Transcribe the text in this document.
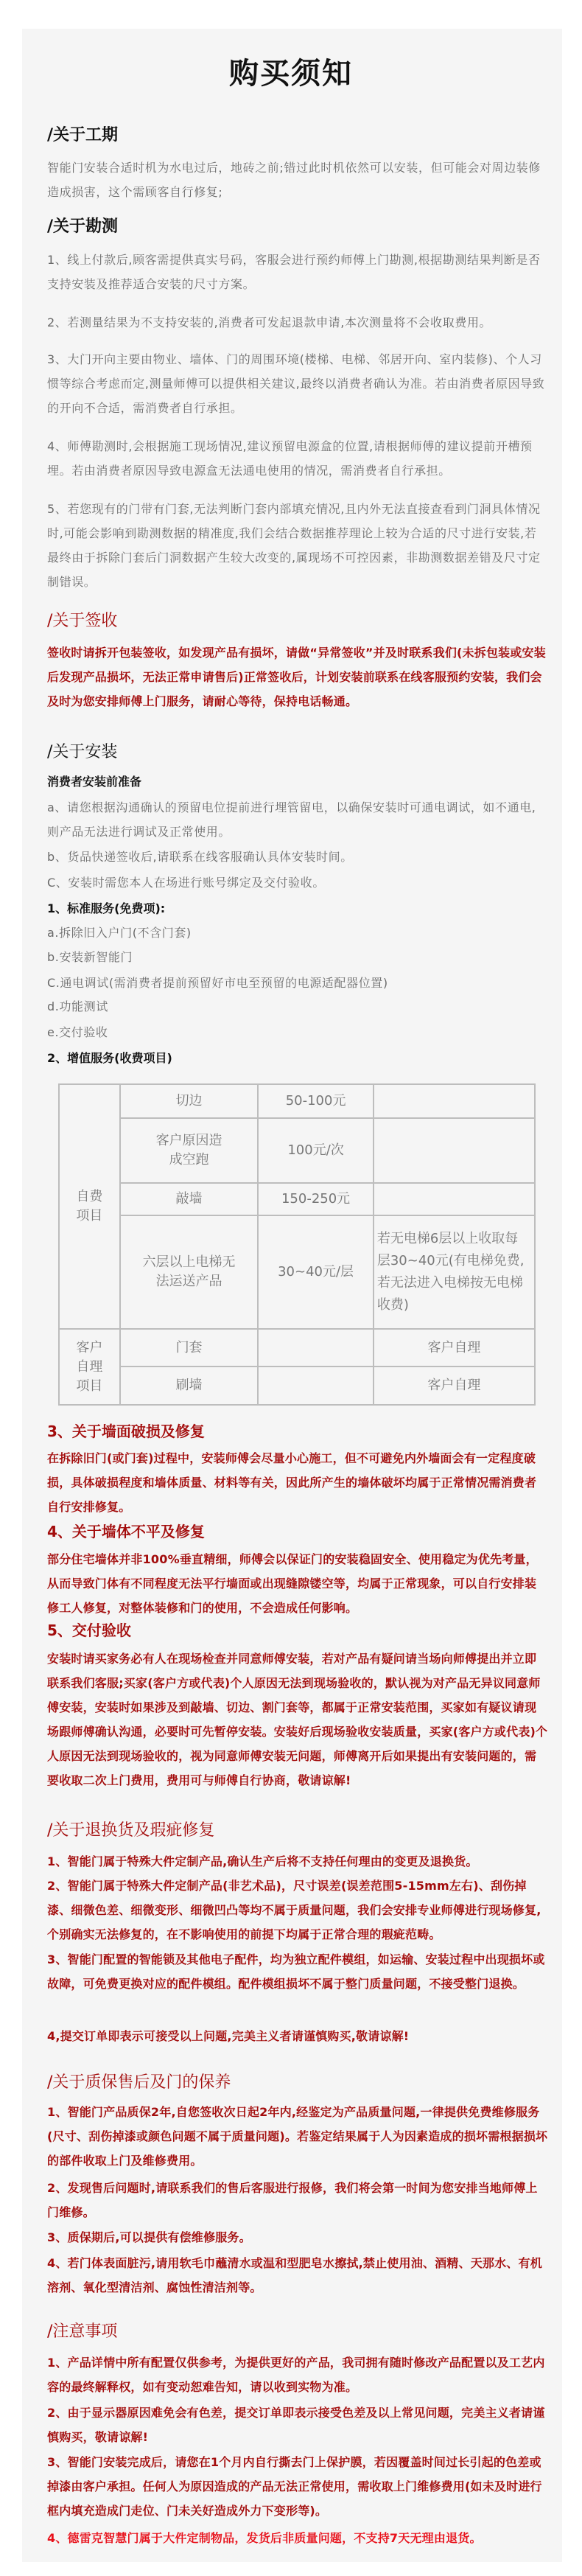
购买须知
/关于工期

智能门安装合适时机为水电过后，地砖之前;错过此时机依然可以安装，但可能会对周边装修造成损害，这个需顾客自行修复;

/关于勘测

1、线上付款后,顾客需提供真实号码，客服会进行预约师傅上门勘测,根据勘测结果判断是否支持安装及推荐适合安装的尺寸方案。

2、若测量结果为不支持安装的,消费者可发起退款申请,本次测量将不会收取费用。

3、大门开向主要由物业、墙体、门的周围环境(楼梯、电梯、邻居开向、室内装修)、个人习惯等综合考虑而定,测量师傅可以提供相关建议,最终以消费者确认为准。若由消费者原因导致的开向不合适，需消费者自行承担。

4、师傅勘测时,会根据施工现场情况,建议预留电源盒的位置,请根据师傅的建议提前开槽预埋。若由消费者原因导致电源盒无法通电使用的情况，需消费者自行承担。

5、若您现有的门带有门套,无法判断门套内部填充情况,且内外无法直接查看到门洞具体情况时,可能会影响到勘测数据的精准度,我们会结合数据推荐理论上较为合适的尺寸进行安装,若最终由于拆除门套后门洞数据产生较大改变的,属现场不可控因素，非勘测数据差错及尺寸定制错误。

/关于签收

签收时请拆开包装签收，如发现产品有损坏，请做“异常签收”并及时联系我们(未拆包装或安装后发现产品损坏，无法正常申请售后)正常签收后，计划安装前联系在线客服预约安装，我们会及时为您安排师傅上门服务，请耐心等待，保持电话畅通。

/关于安装

消费者安装前准备

a、请您根据沟通确认的预留电位提前进行埋管留电，以确保安装时可通电调试，如不通电,则产品无法进行调试及正常使用。

b、货品快递签收后,请联系在线客服确认具体安装时间。

C、安装时需您本人在场进行账号绑定及交付验收。

1、标准服务(免费项):

a.拆除旧入户门(不含门套)

b.安装新智能门

C.通电调试(需消费者提前预留好市电至预留的电源适配器位置)

d.功能测试

e.交付验收

2、增值服务(收费项目)

自费项目	切边	50-100元	
	客户原因造成空跑	100元/次	
	敲墙	150-250元	
	六层以上电梯无法运送产品	30~40元/层	若无电梯6层以上收取每层30~40元(有电梯免费,若无法进入电梯按无电梯收费)
客户自理项目	门套		客户自理
	刷墙		客户自理
3、关于墙面破损及修复

在拆除旧门(或门套)过程中，安装师傅会尽量小心施工，但不可避免内外墙面会有一定程度破损，具体破损程度和墙体质量、材料等有关，因此所产生的墙体破坏均属于正常情况需消费者自行安排修复。

4、关于墙体不平及修复

部分住宅墙体并非100%垂直精细，师傅会以保证门的安装稳固安全、使用稳定为优先考量，从而导致门体有不同程度无法平行墙面或出现缝隙镂空等，均属于正常现象，可以自行安排装修工人修复，对整体装修和门的使用，不会造成任何影响。

5、交付验收

安装时请买家务必有人在现场检查并同意师傅安装，若对产品有疑问请当场向师傅提出并立即联系我们客服;买家(客户方或代表)个人原因无法到现场验收的，默认视为对产品无异议同意师傅安装，安装时如果涉及到敲墙、切边、割门套等，都属于正常安装范围，买家如有疑议请现场跟师傅确认沟通，必要时可先暂停安装。安装好后现场验收安装质量，买家(客户方或代表)个人原因无法到现场验收的，视为同意师傅安装无问题，师傅离开后如果提出有安装问题的，需要收取二次上门费用，费用可与师傅自行协商，敬请谅解!

/关于退换货及瑕疵修复

1、智能门属于特殊大件定制产品,确认生产后将不支持任何理由的变更及退换货。

2、智能门属于特殊大件定制产品(非艺术品)，尺寸误差(误差范围5-15mm左右)、刮伤掉漆、细微色差、细微变形、细微凹凸等均不属于质量问题，我们会安排专业师傅进行现场修复,个别确实无法修复的，在不影响使用的前提下均属于正常合理的瑕疵范畴。

3、智能门配置的智能锁及其他电子配件，均为独立配件模组，如运输、安装过程中出现损坏或故障，可免费更换对应的配件模组。配件模组损坏不属于整门质量问题，不接受整门退换。

4,提交订单即表示可接受以上问题,完美主义者请谨慎购买,敬请谅解!

/关于质保售后及门的保养

1、智能门产品质保2年,自您签收次日起2年内,经鉴定为产品质量问题,一律提供免费维修服务(尺寸、刮伤掉漆或颜色问题不属于质量问题)。若鉴定结果属于人为因素造成的损坏需根据损坏的部件收取上门及维修费用。

2、发现售后问题时,请联系我们的售后客服进行报修，我们将会第一时间为您安排当地师傅上门维修。

3、质保期后,可以提供有偿维修服务。

4、若门体表面脏污,请用软毛巾蘸清水或温和型肥皂水擦拭,禁止使用油、酒精、天那水、有机溶剂、氧化型清洁剂、腐蚀性清洁剂等。

/注意事项

1、产品详情中所有配置仅供参考，为提供更好的产品，我司拥有随时修改产品配置以及工艺内容的最终解释权，如有变动恕难告知，请以收到实物为准。

2、由于显示器原因难免会有色差，提交订单即表示接受色差及以上常见问题，完美主义者请谨慎购买，敬请谅解!

3、智能门安装完成后，请您在1个月内自行撕去门上保护膜，若因覆盖时间过长引起的色差或掉漆由客户承担。任何人为原因造成的产品无法正常使用，需收取上门维修费用(如未及时进行框内填充造成门走位、门未关好造成外力下变形等)。

4、德雷克智慧门属于大件定制物品，发货后非质量问题，不支持7天无理由退货。
